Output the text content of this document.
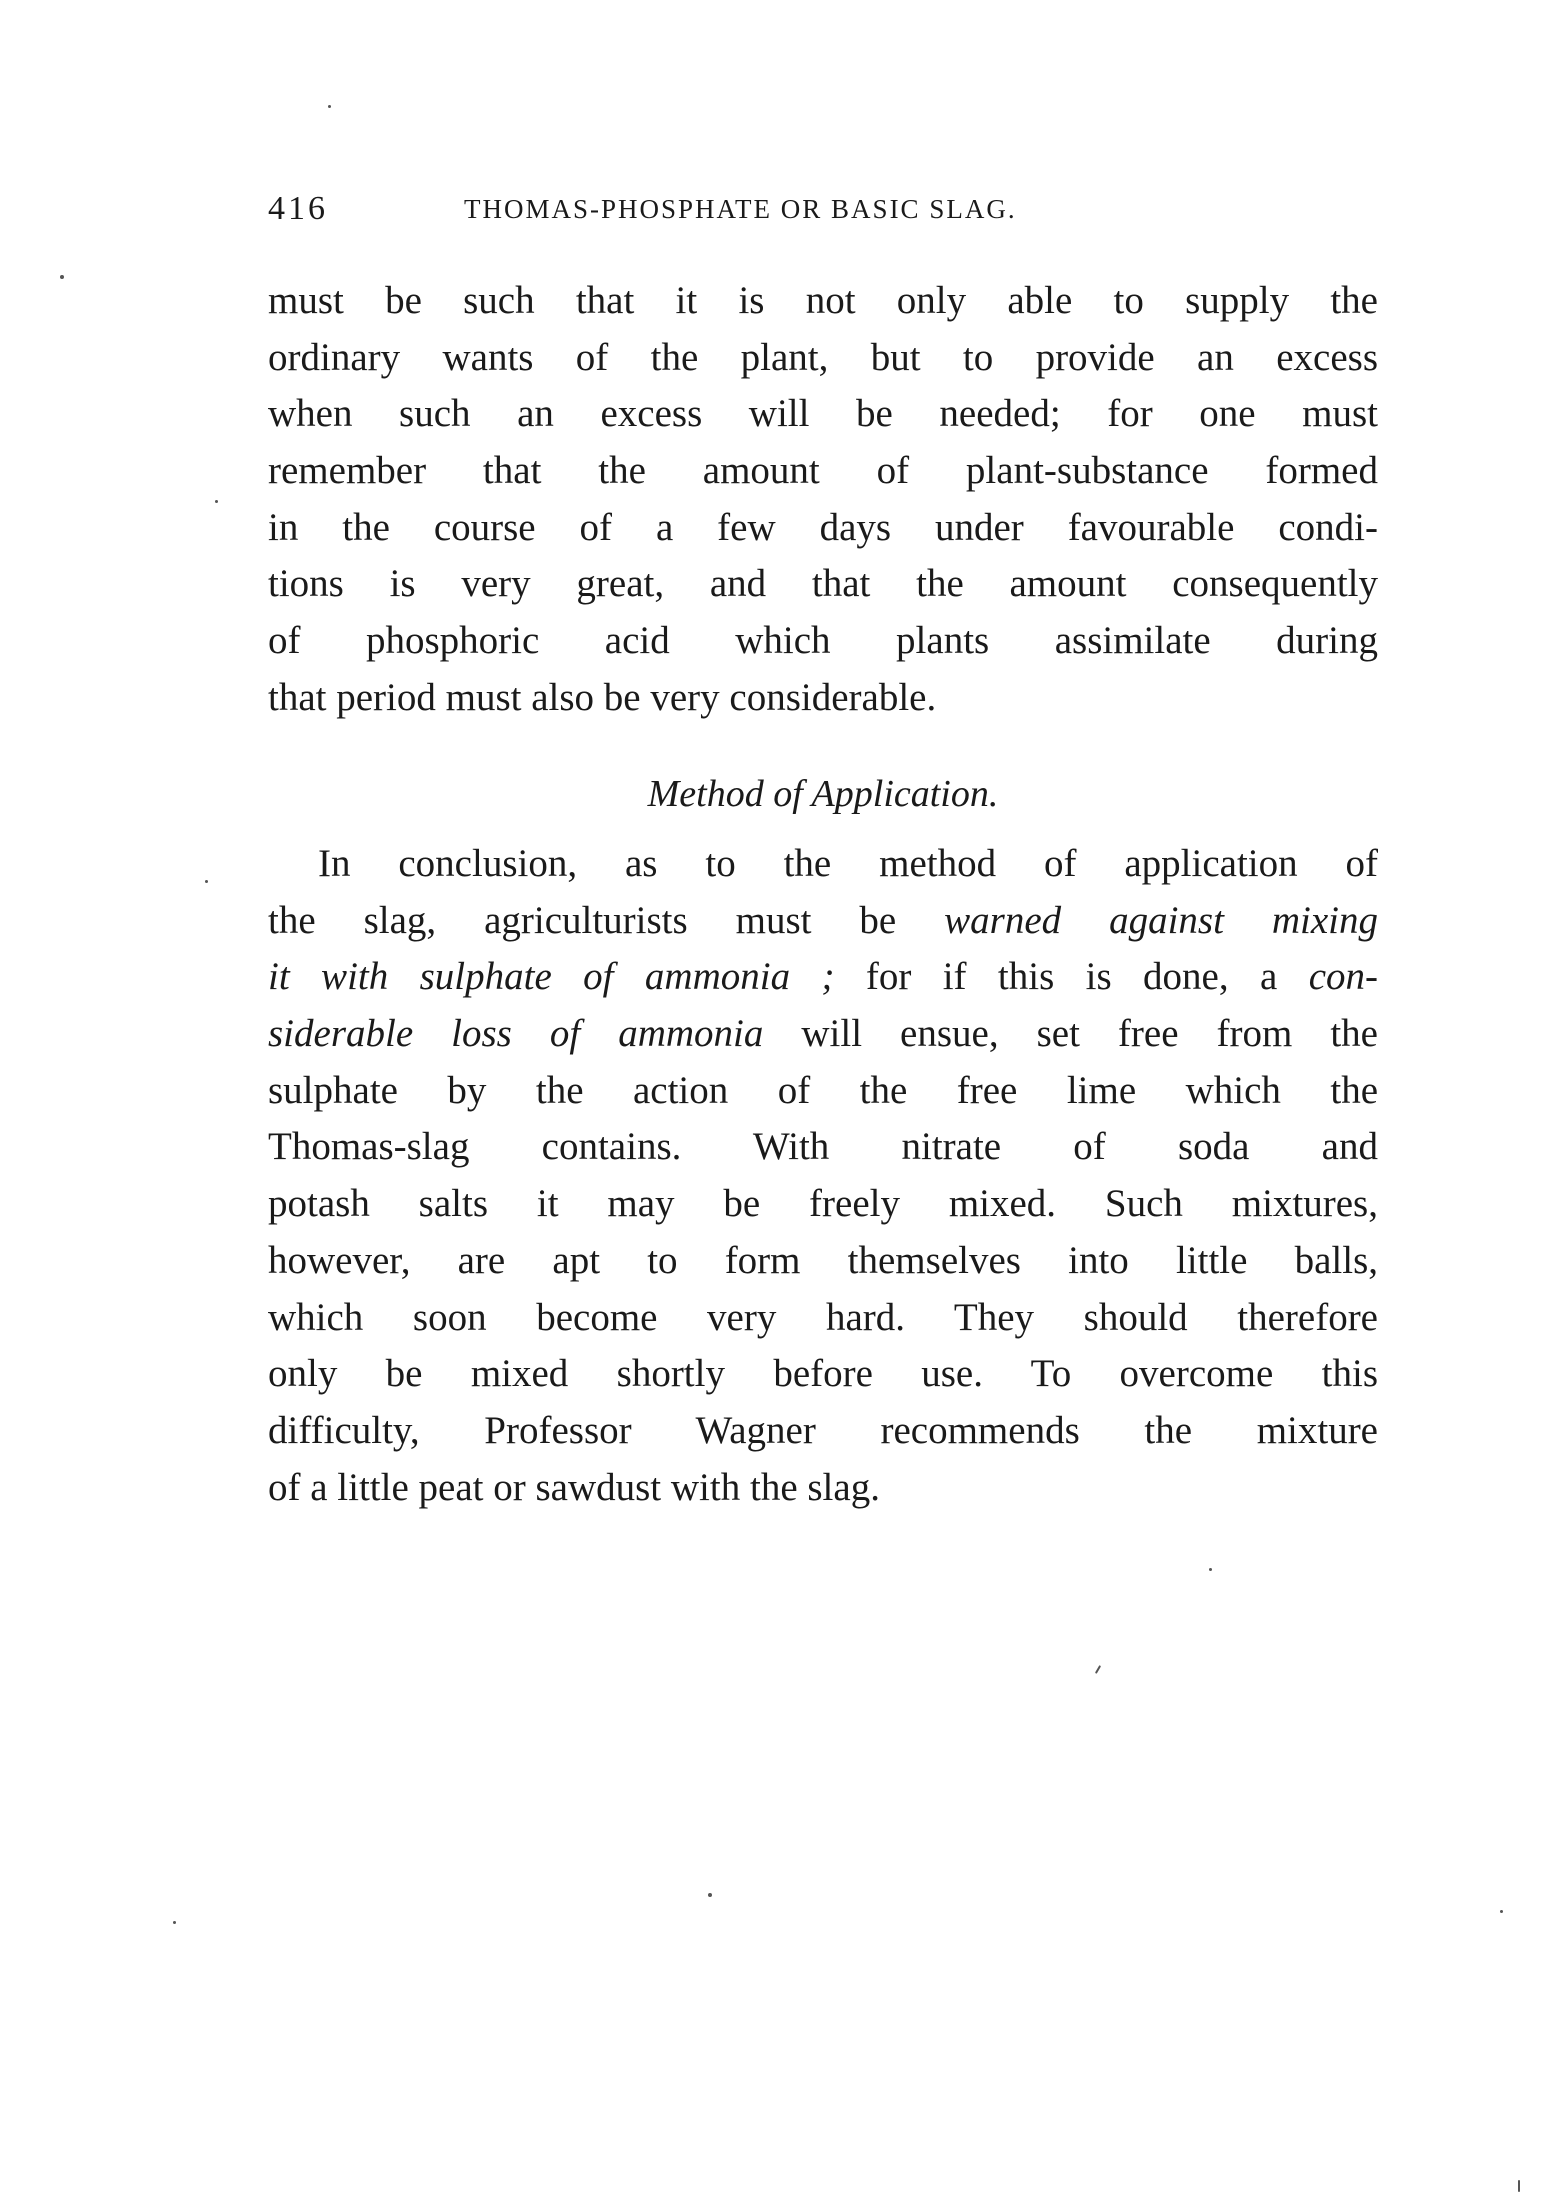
416	THOMAS-PHOSPHATE OR BASIC SLAG.
must be such that it is not only able to supply the
ordinary wants of the plant, but to provide an excess
when such an excess will be needed; for one must
remember that the amount of plant-substance formed
in the course of a few days under favourable condi-
tions is very great, and that the amount consequently
of phosphoric acid which plants assimilate during
that period must also be very considerable.
Method of Application.
In conclusion, as to the method of application of
the slag, agriculturists must be warned against mixing
it with sulphate of ammonia ; for if this is done, a con-
siderable loss of ammonia will ensue, set free from the
sulphate by the action of the free lime which the
Thomas-slag contains. With nitrate of soda and
potash salts it may be freely mixed. Such mixtures,
however, are apt to form themselves into little balls,
which soon become very hard. They should therefore
only be mixed shortly before use. To overcome this
difficulty, Professor Wagner recommends the mixture
of a little peat or sawdust with the slag.
